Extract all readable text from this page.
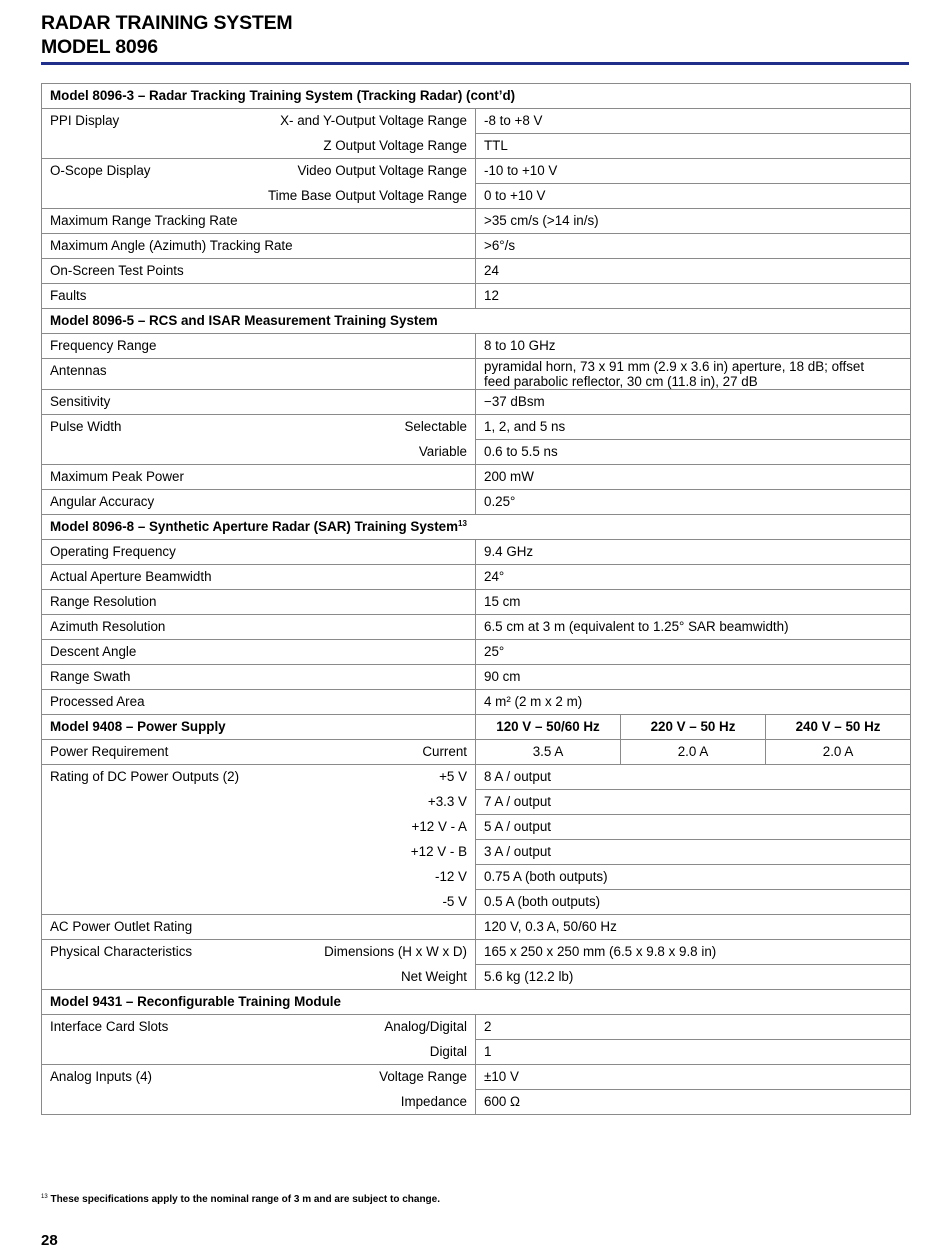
RADAR TRAINING SYSTEM
MODEL 8096
Model 8096-3 – Radar Tracking Training System (Tracking Radar) (cont’d)			

PPI Display X- and Y-Output Voltage Range	-8 to +8 V		

Z Output Voltage Range	TTL		

O-Scope Display Video Output Voltage Range	-10 to +10 V		

Time Base Output Voltage Range	0 to +10 V		
Maximum Range Tracking Rate	>35 cm/s (>14 in/s)		
Maximum Angle (Azimuth) Tracking Rate	>6°/s		
On-Screen Test Points	24		
Faults	12		
Model 8096-5 – RCS and ISAR Measurement Training System			
Frequency Range	8 to 10 GHz		
Antennas	pyramidal horn, 73 x 91 mm (2.9 x 3.6 in) aperture, 18 dB; offset
feed parabolic reflector, 30 cm (11.8 in), 27 dB		

Sensitivity	−37 dBsm		

Pulse Width Selectable	1, 2, and 5 ns		

Variable	0.6 to 5.5 ns		
Maximum Peak Power	200 mW		
Angular Accuracy	0.25°		
Model 8096-8 – Synthetic Aperture Radar (SAR) Training System$^{13}$
Operating Frequency	9.4 GHz		
Actual Aperture Beamwidth	24°		
Range Resolution	15 cm		
Azimuth Resolution	6.5 cm at 3 m (equivalent to 1.25° SAR beamwidth)		
Descent Angle	25°		
Range Swath	90 cm		
Processed Area	4 m² (2 m x 2 m)		
Model 9408 – Power Supply	120 V – 50/60 Hz	220 V – 50 Hz	240 V – 50 Hz

Power Requirement Current	3.5 A	2.0 A	2.0 A

Rating of DC Power Outputs (2) +5 V	8 A / output		

+3.3 V	7 A / output		

+12 V - A	5 A / output		

+12 V - B	3 A / output		

-12 V	0.75 A (both outputs)		

-5 V	0.5 A (both outputs)		
AC Power Outlet Rating	120 V, 0.3 A, 50/60 Hz		

Physical Characteristics Dimensions (H x W x D)	165 x 250 x 250 mm (6.5 x 9.8 x 9.8 in)		

Net Weight	5.6 kg (12.2 lb)		
Model 9431 – Reconfigurable Training Module			

Interface Card Slots Analog/Digital	2		

Digital	1		

Analog Inputs (4) Voltage Range	±10 V		

Impedance	600 Ω		
$^{13}$ These specifications apply to the nominal range of 3 m and are subject to change.
28
